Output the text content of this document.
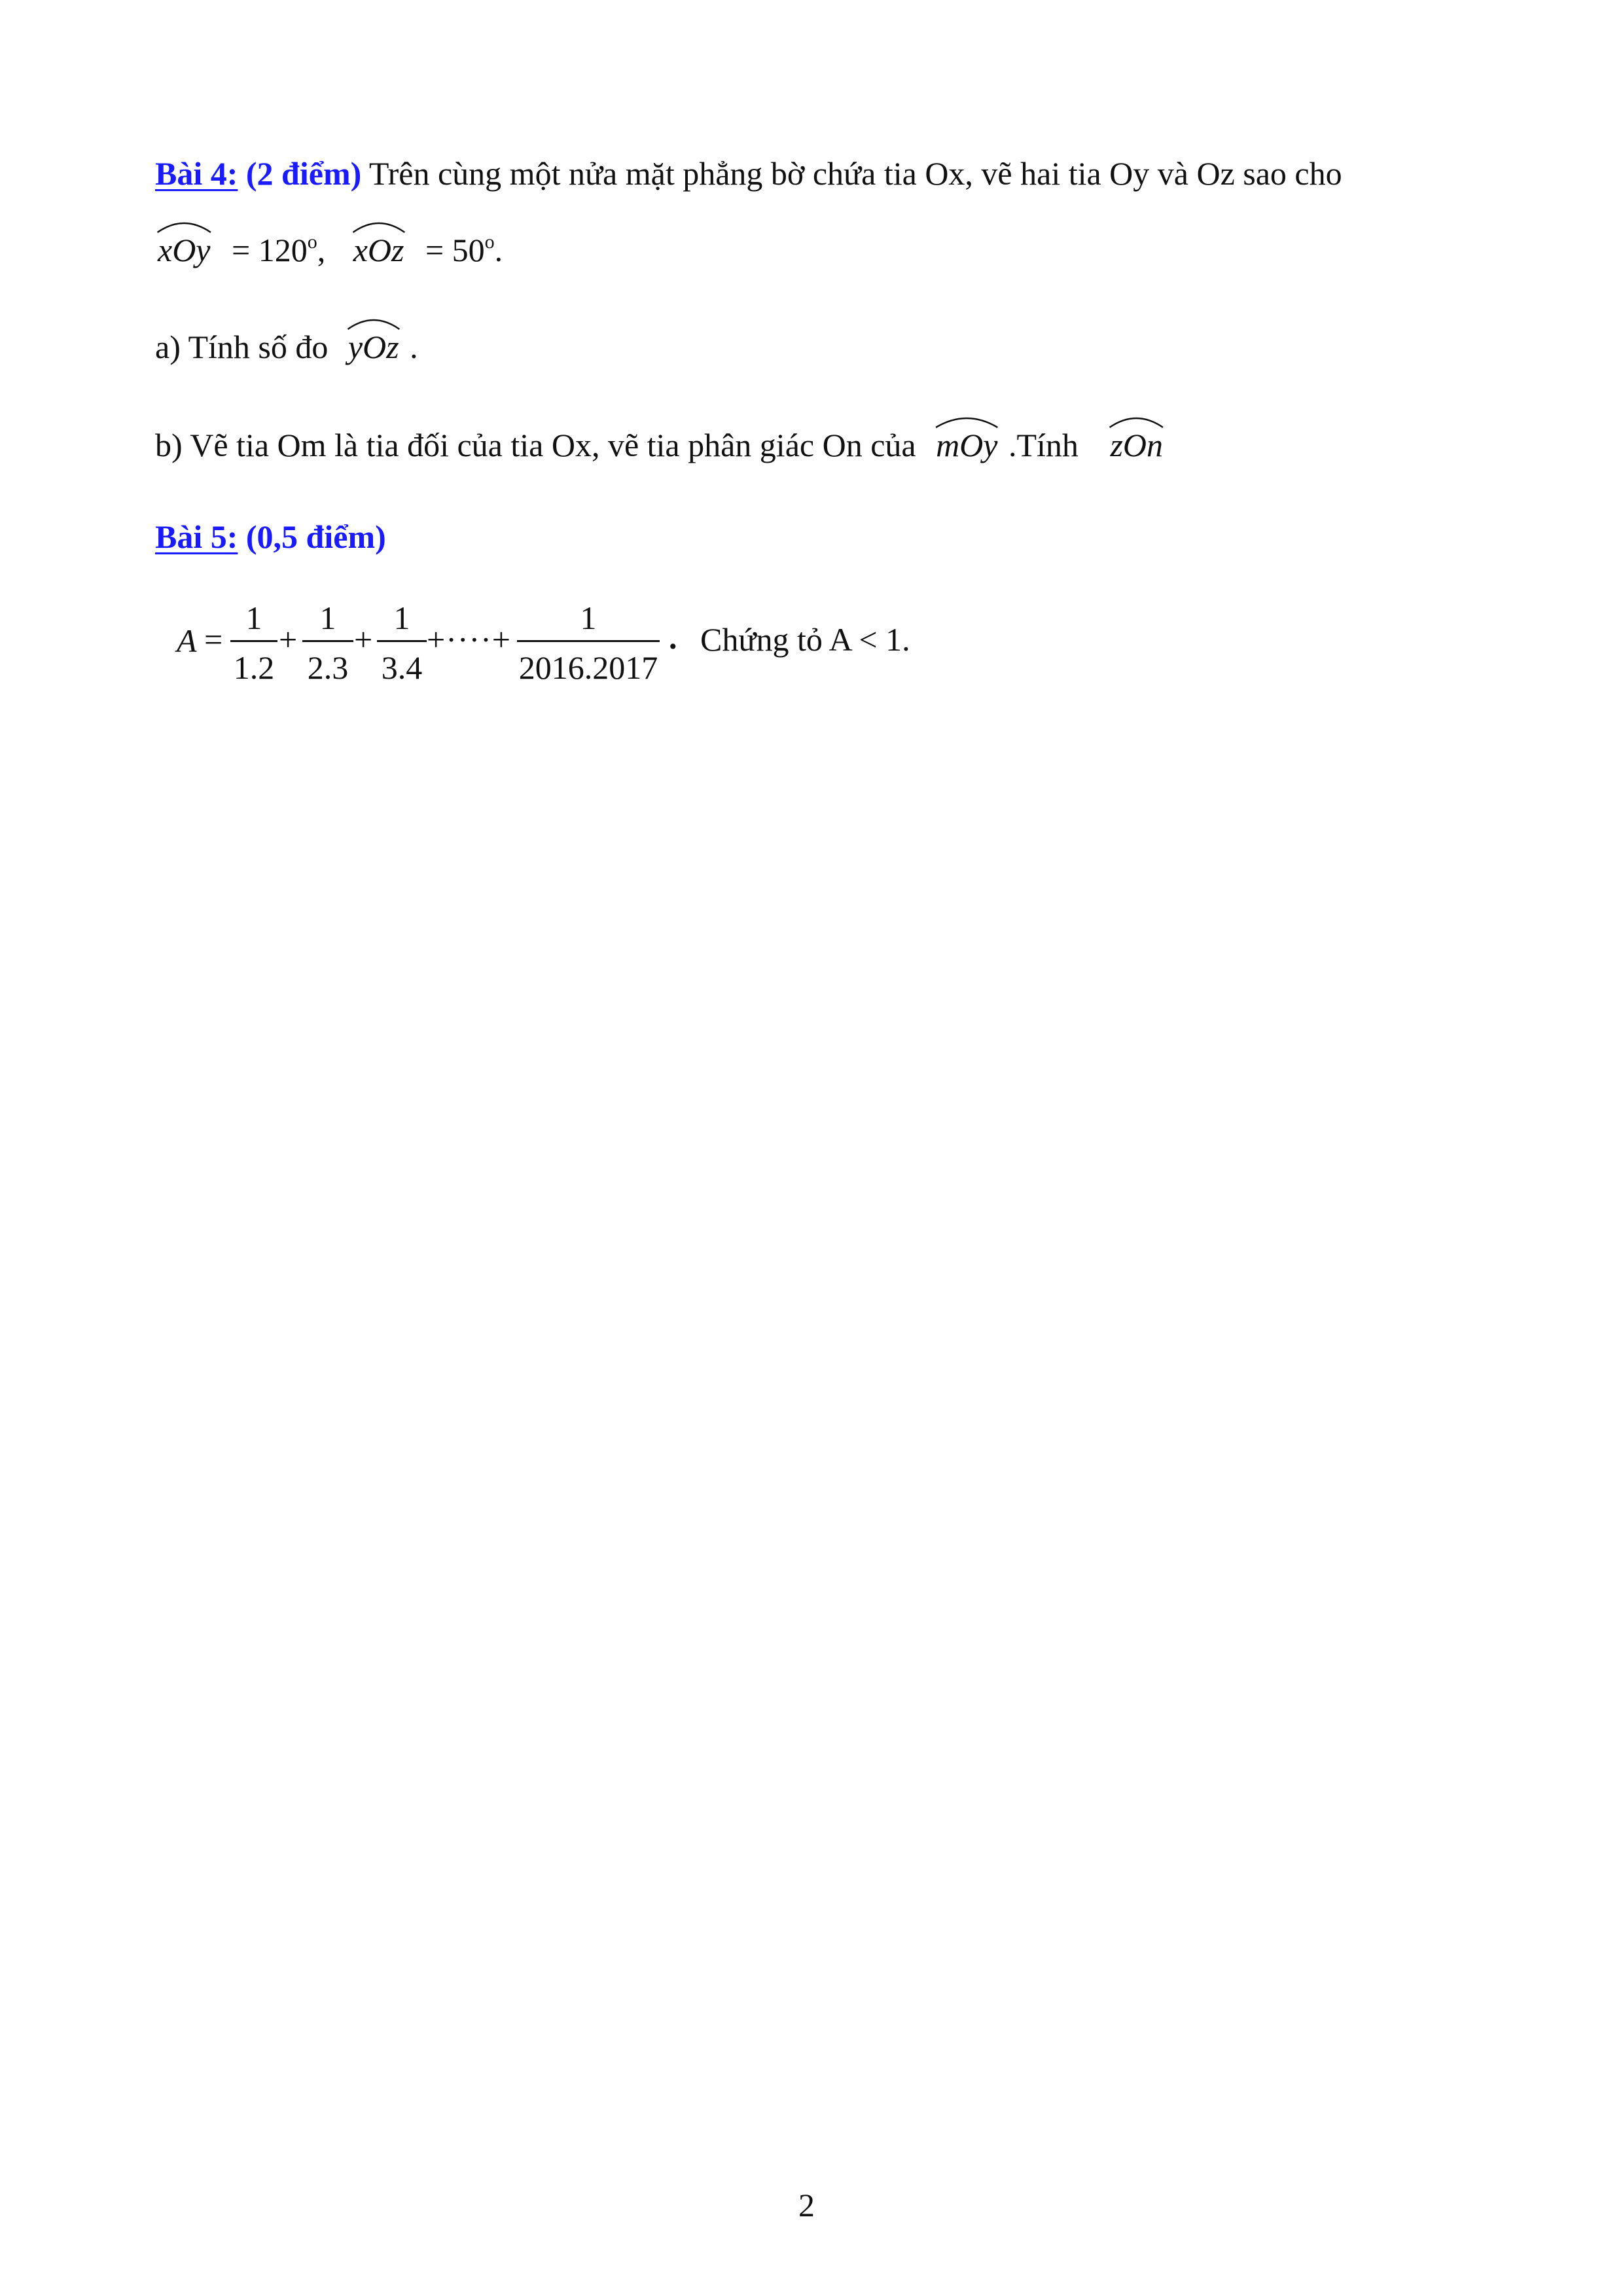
Bài 4: (2 điểm) Trên cùng một nửa mặt phẳng bờ chứa tia Ox, vẽ hai tia Oy và Oz sao cho
xOy = $120^o$, xOz = $50^o$.
a) Tính số đo yOz .
b) Vẽ tia Om là tia đối của tia Ox, vẽ tia phân giác On của mOy .Tính zOn
Bài 5: (0,5 điểm)
A =
1
1.2
+
1
2.3
+
1
3.4
+····+
1
2016.2017
. Chứng tỏ A < 1.
2
